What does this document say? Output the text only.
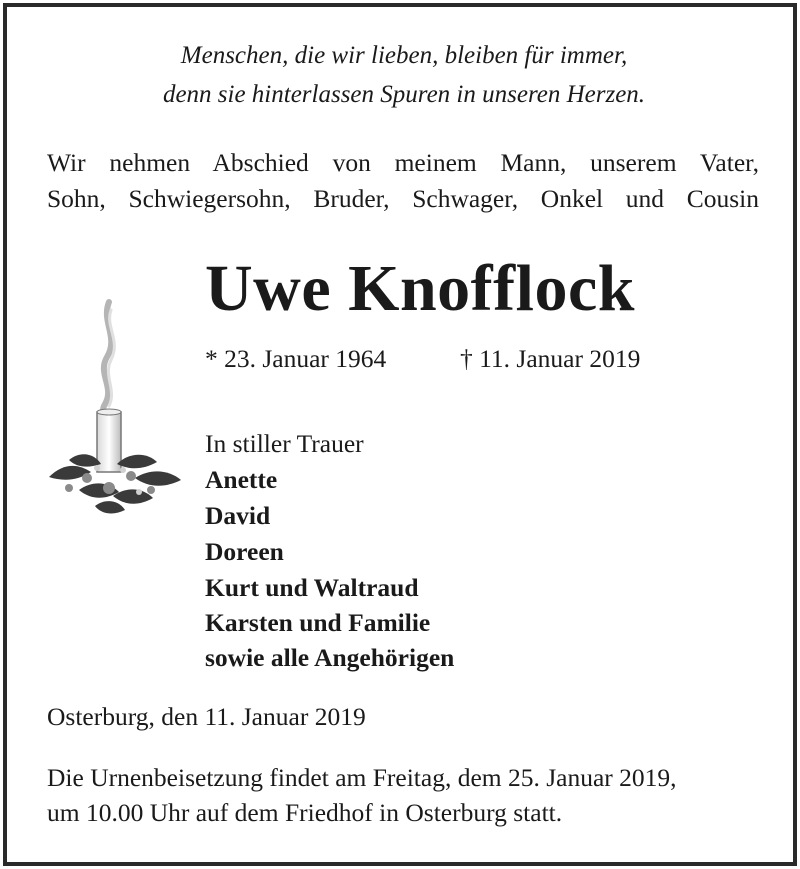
Menschen, die wir lieben, bleiben für immer,
denn sie hinterlassen Spuren in unseren Herzen.
Wir nehmen Abschied von meinem Mann, unserem Vater,
Sohn, Schwiegersohn, Bruder, Schwager, Onkel und Cousin
Uwe Knofflock
* 23. Januar 1964	† 11. Januar 2019
In stiller Trauer
Anette
David
Doreen
Kurt und Waltraud
Karsten und Familie
sowie alle Angehörigen
Osterburg, den 11. Januar 2019
Die Urnenbeisetzung findet am Freitag, dem 25. Januar 2019,
um 10.00 Uhr auf dem Friedhof in Osterburg statt.
